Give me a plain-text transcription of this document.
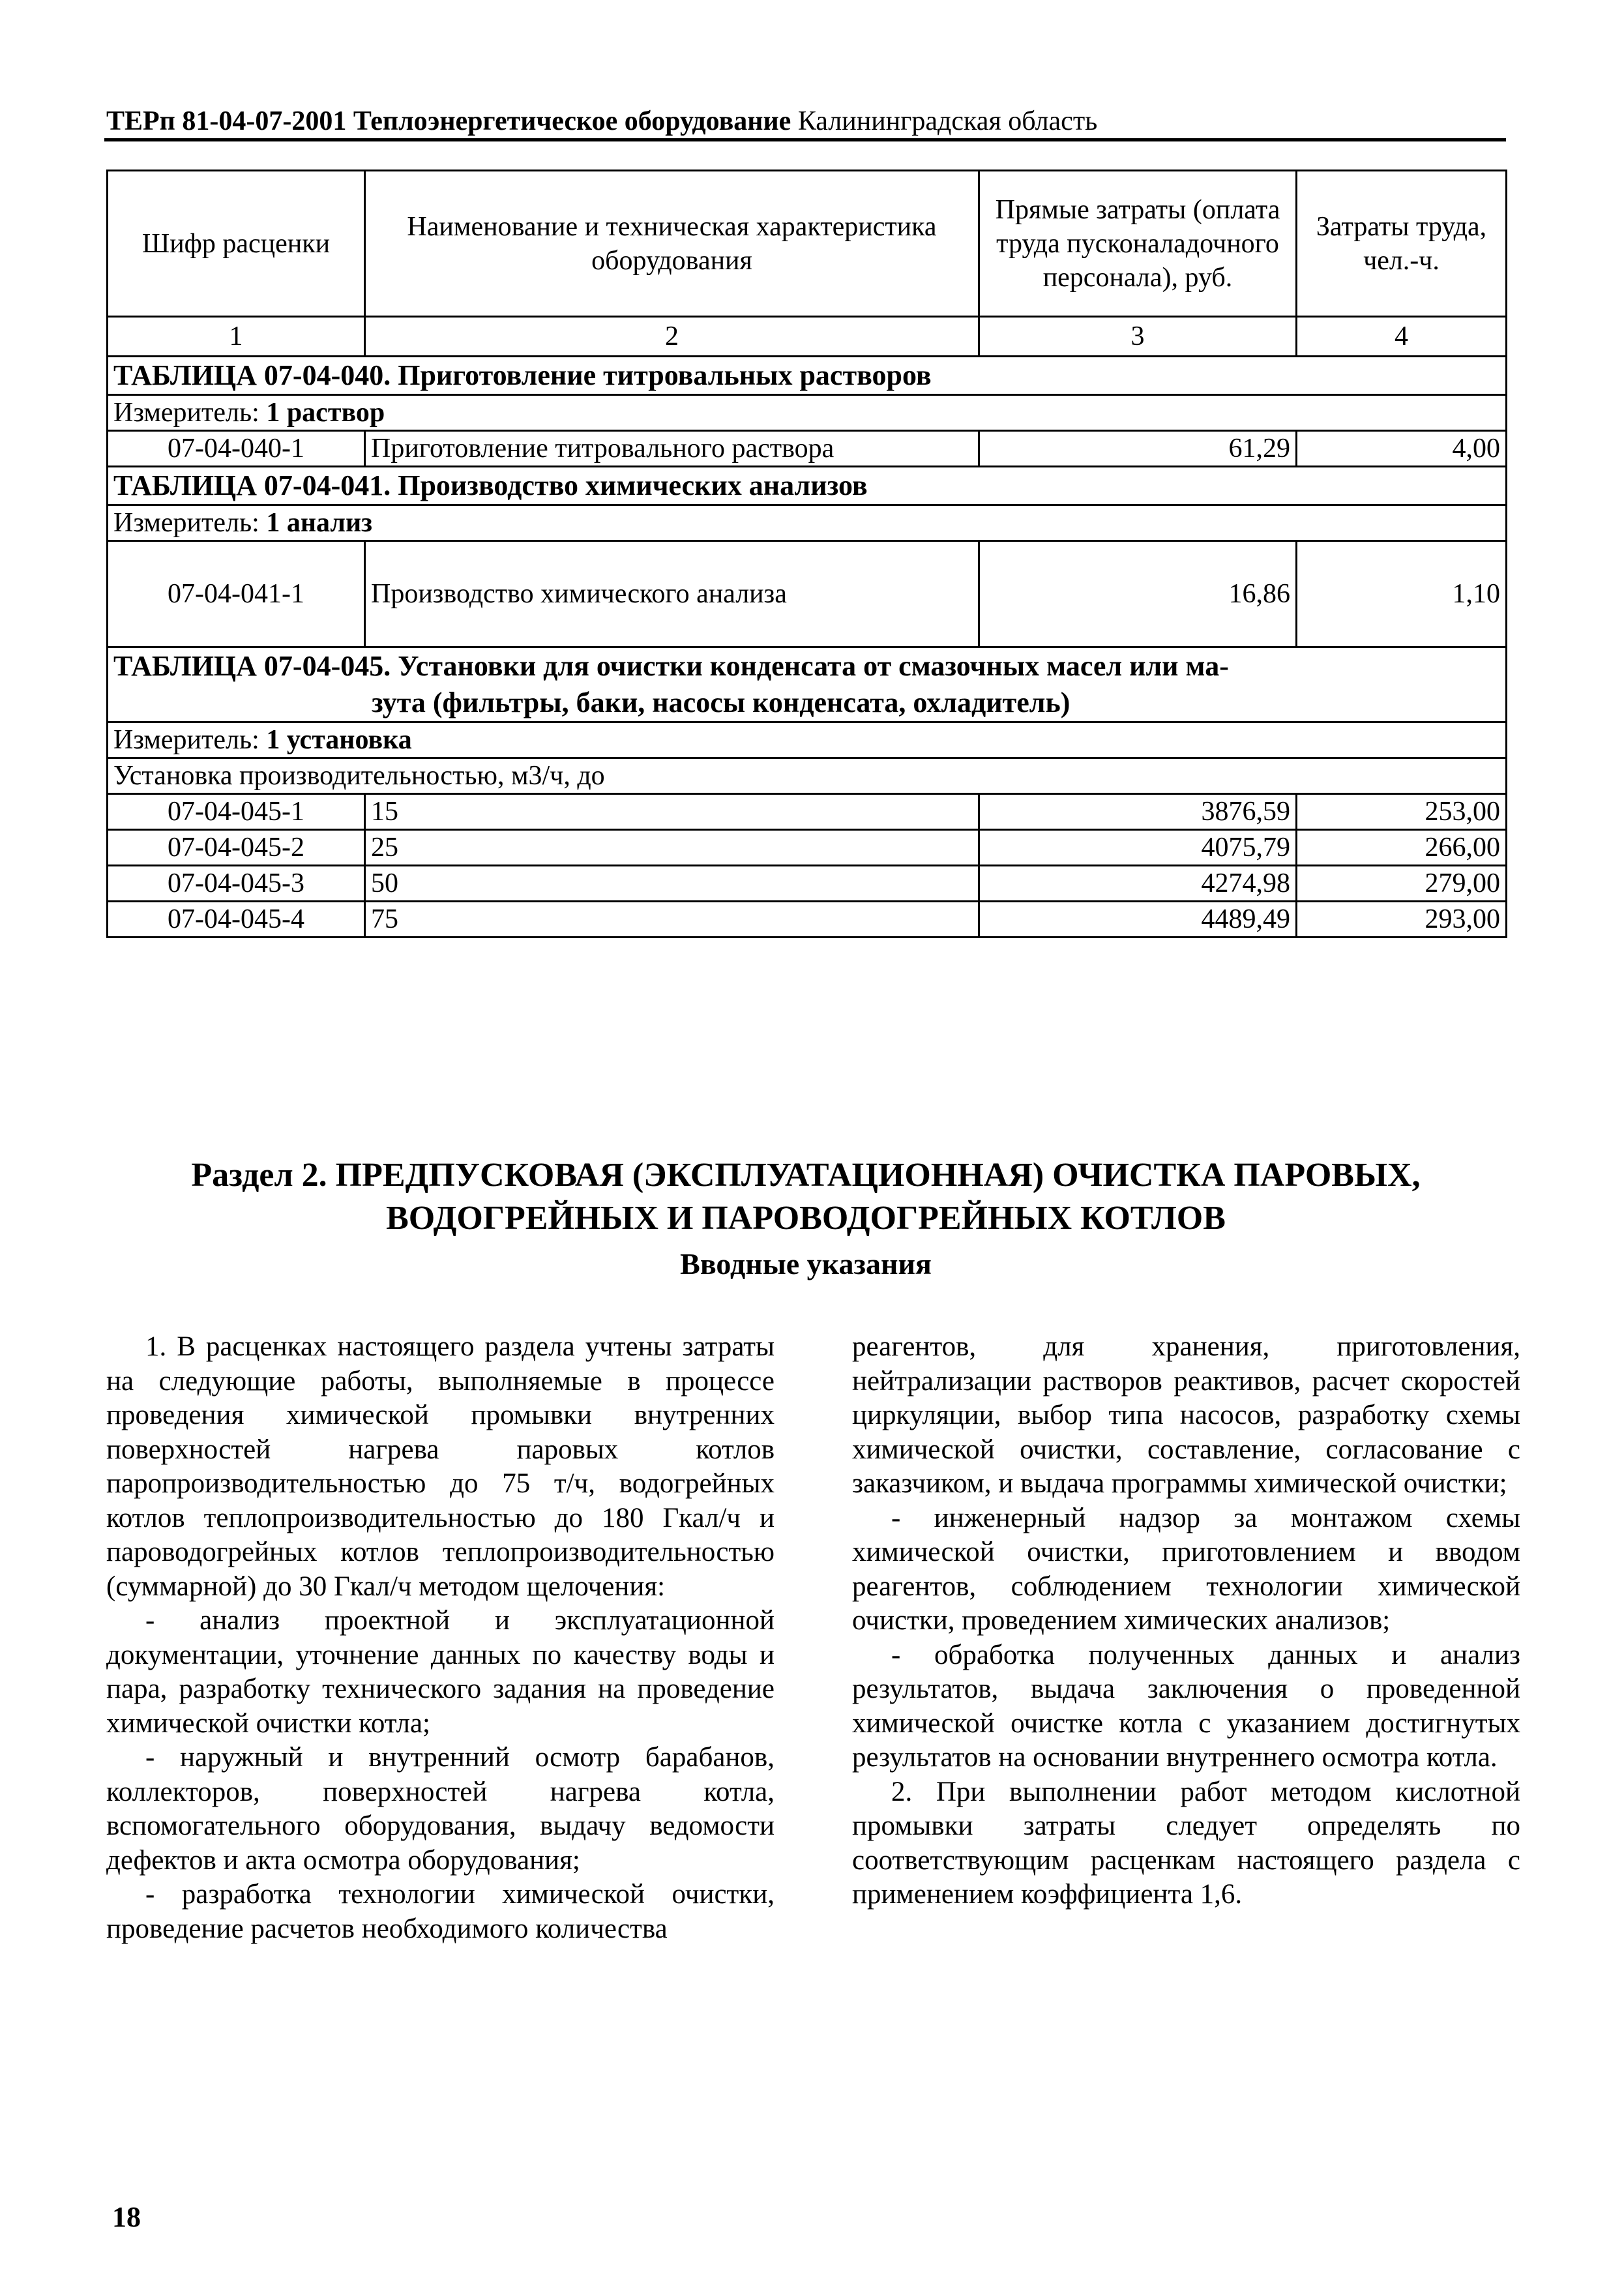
ТЕРп 81-04-07-2001 Теплоэнергетическое оборудование Калининградская область
Шифр расценки	Наименование и техническая характеристика оборудования	Прямые затраты (оплата труда пусконаладочного персонала), руб.	Затраты труда, чел.-ч.
1	2	3	4

ТАБЛИЦА 07-04-040. Приготовление титровальных растворов			

Измеритель: 1 раствор			
07-04-040-1	Приготовление титровального раствора	61,29	4,00

ТАБЛИЦА 07-04-041. Производство химических анализов			

Измеритель: 1 анализ			
07-04-041-1	Производство химического анализа	16,86	1,10

ТАБЛИЦА 07-04-045. Установки для очистки конденсата от смазочных масел или ма-
зута (фильтры, баки, насосы конденсата, охладитель)			

Измеритель: 1 установка			
Установка производительностью, м3/ч, до			
07-04-045-1	15	3876,59	253,00
07-04-045-2	25	4075,79	266,00
07-04-045-3	50	4274,98	279,00
07-04-045-4	75	4489,49	293,00
Раздел 2. ПРЕДПУСКОВАЯ (ЭКСПЛУАТАЦИОННАЯ) ОЧИСТКА ПАРОВЫХ,
ВОДОГРЕЙНЫХ И ПАРОВОДОГРЕЙНЫХ КОТЛОВ
Вводные указания

1. В расценках настоящего раздела учтены затраты на следующие работы, выполняемые в процессе проведения химической промывки внутренних поверхностей нагрева паровых котлов паропроизводительностью до 75 т/ч, водогрейных котлов теплопроизводительностью до 180 Гкал/ч и пароводогрейных котлов теплопроизводительностью (суммарной) до 30 Гкал/ч методом щелочения:

- анализ проектной и эксплуатационной документации, уточнение данных по качеству воды и пара, разработку технического задания на проведение химической очистки котла;

- наружный и внутренний осмотр барабанов, коллекторов, поверхностей нагрева котла, вспомогательного оборудования, выдачу ведомости дефектов и акта осмотра оборудования;

- разработка технологии химической очистки, проведение расчетов необходимого количества

реагентов, для хранения, приготовления, нейтрализации растворов реактивов, расчет скоростей циркуляции, выбор типа насосов, разработку схемы химической очистки, составление, согласование с заказчиком, и выдача программы химической очистки;

- инженерный надзор за монтажом схемы химической очистки, приготовлением и вводом реагентов, соблюдением технологии химической очистки, проведением химических анализов;

- обработка полученных данных и анализ результатов, выдача заключения о проведенной химической очистке котла с указанием достигнутых результатов на основании внутреннего осмотра котла.

2. При выполнении работ методом кислотной промывки затраты следует определять по соответствующим расценкам настоящего раздела с применением коэффициента 1,6.

18
